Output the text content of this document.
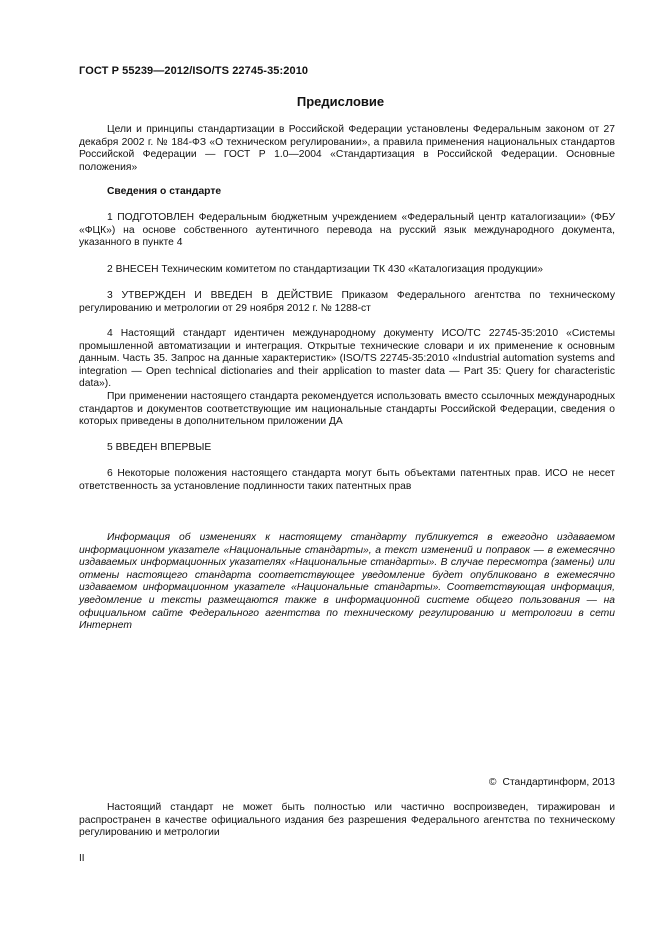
ГОСТ Р 55239—2012/ISO/TS 22745-35:2010
Предисловие

Цели и принципы стандартизации в Российской Федерации установлены Федеральным законом от 27 декабря 2002 г. № 184-ФЗ «О техническом регулировании», а правила применения национальных стандартов Российской Федерации — ГОСТ Р 1.0—2004 «Стандартизация в Российской Федерации. Основные положения»

Сведения о стандарте

1 ПОДГОТОВЛЕН Федеральным бюджетным учреждением «Федеральный центр каталогизации» (ФБУ «ФЦК») на основе собственного аутентичного перевода на русский язык международного документа, указанного в пункте 4

2 ВНЕСЕН Техническим комитетом по стандартизации ТК 430 «Каталогизация продукции»

3 УТВЕРЖДЕН И ВВЕДЕН В ДЕЙСТВИЕ Приказом Федерального агентства по техническому регулированию и метрологии от 29 ноября 2012 г. № 1288-ст

4 Настоящий стандарт идентичен международному документу ИСО/ТС 22745-35:2010 «Системы промышленной автоматизации и интеграция. Открытые технические словари и их применение к основным данным. Часть 35. Запрос на данные характеристик» (ISO/TS 22745-35:2010 «Industrial automation systems and integration — Open technical dictionaries and their application to master data — Part 35: Query for characteristic data»).

При применении настоящего стандарта рекомендуется использовать вместо ссылочных международных стандартов и документов соответствующие им национальные стандарты Российской Федерации, сведения о которых приведены в дополнительном приложении ДА

5 ВВЕДЕН ВПЕРВЫЕ

6 Некоторые положения настоящего стандарта могут быть объектами патентных прав. ИСО не несет ответственность за установление подлинности таких патентных прав

Информация об изменениях к настоящему стандарту публикуется в ежегодно издаваемом информационном указателе «Национальные стандарты», а текст изменений и поправок — в ежемесячно издаваемых информационных указателях «Национальные стандарты». В случае пересмотра (замены) или отмены настоящего стандарта соответствующее уведомление будет опубликовано в ежемесячно издаваемом информационном указателе «Национальные стандарты». Соответствующая информация, уведомление и тексты размещаются также в информационной системе общего пользования — на официальном сайте Федерального агентства по техническому регулированию и метрологии в сети Интернет

© Стандартинформ, 2013

Настоящий стандарт не может быть полностью или частично воспроизведен, тиражирован и распространен в качестве официального издания без разрешения Федерального агентства по техническому регулированию и метрологии

II
